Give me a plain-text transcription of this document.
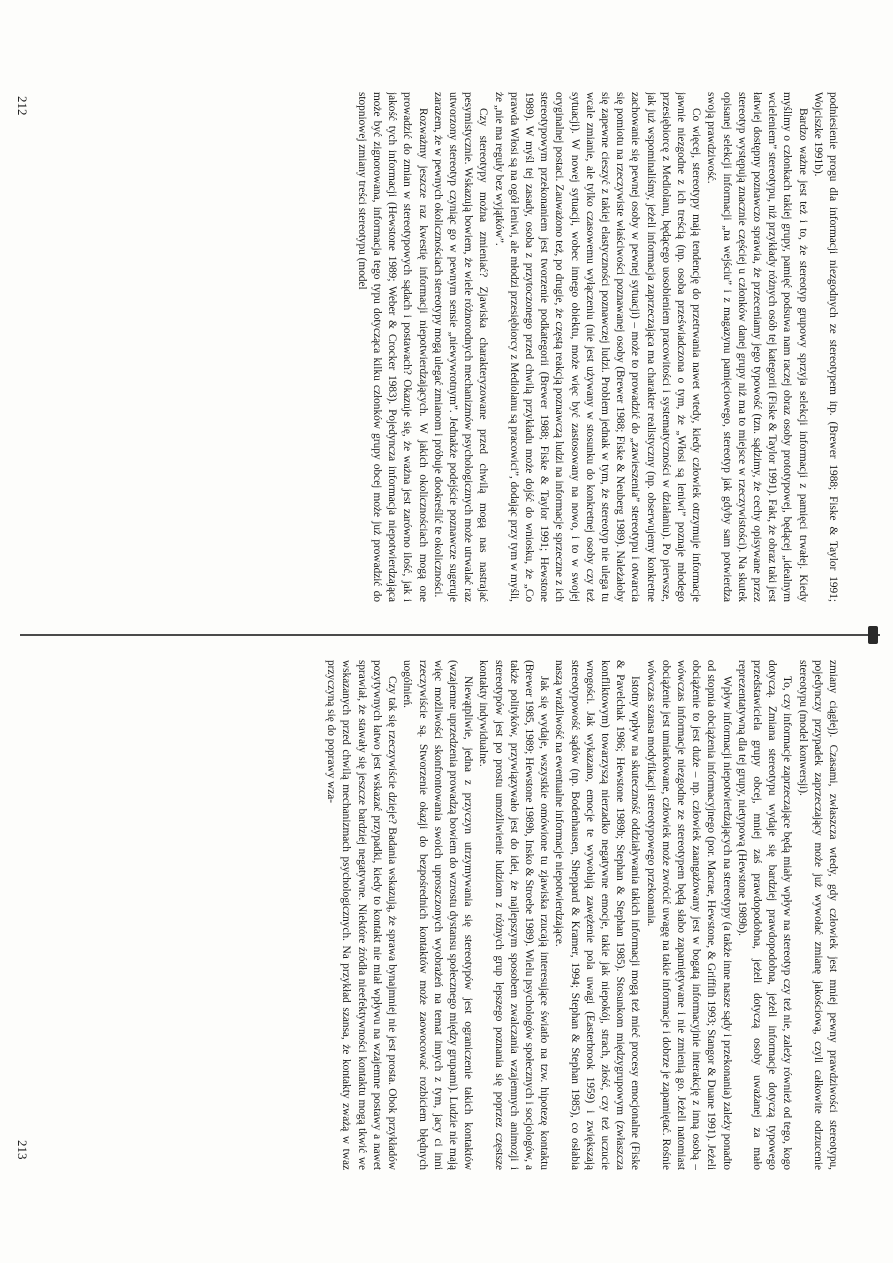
podniesienie progu dla informacji niezgodnych ze stereotypem itp. (Brewer 1988; Fiske & Taylor 1991; Wojciszke 1991b).

Bardzo ważne jest też i to, że stereotyp grupowy sprzyja selekcji informacji z pamięci trwałej. Kiedy myślimy o członkach takiej grupy, pamięć podsuwa nam raczej obraz osoby prototypowej, będącej „idealnym wcieleniem” stereotypu, niż przykłady różnych osób tej kategorii (Fiske & Taylor 1991). Fakt, że obraz taki jest łatwiej dostępny poznawczo sprawia, że przeceniamy jego typowość (tzn. sądzimy, że cechy opisywane przez stereotyp występują znacznie częściej u członków danej grupy niż ma to miejsce w rzeczywistości). Na skutek opisanej selekcji informacji „na wejściu” i z magazynu pamięciowego, stereotyp jak gdyby sam potwierdza swoją prawdziwość.

Co więcej, stereotypy mają tendencję do przetrwania nawet wtedy, kiedy człowiek otrzymuje informacje jawnie niezgodne z ich treścią (np. osoba przeświadczona o tym, że „Włosi są leniwi” poznaje młodego przesiębiorcę z Mediolanu, będącego uosobieniem pracowitości i systematyczności w działaniu). Po pierwsze, jak już wspominaliśmy, jeżeli informacja zaprzeczająca ma charakter realistyczny (np. obserwujemy konkretne zachowanie się pewnej osoby w pewnej sytuacji) – może to prowadzić do „zawieszenia” stereotypu i otwarcia się pomiotu na rzeczywiste właściwości poznawanej osoby (Brewer 1988; Fiske & Neuberg 1989). Należałoby się zapewne cieszyć z takiej elastyczności poznawczej ludzi. Problem jednak w tym, że stereotyp nie ulega tu wcale zmianie, ale tylko czasowemu wyłączeniu (nie jest używany w stosunku do konkretnej osoby czy też sytuacji). W nowej sytuacji, wobec innego obiektu, może więc być zastosowany na nowo, i to w swojej oryginalnej postaci. Zauważono też, po drugie, że częstą reakcją poznawczą ludzi na informacje sprzeczne z ich stereotypowym przekonaniem jest tworzenie podkategorii (Brewer 1988; Fiske & Taylor 1991; Hewstone 1989). W myśl tej zasady, osoba z przytoczonego przed chwilą przykładu może dojść do wniosku, że „Co prawda Włosi są na ogół leniwi, ale młodzi przesiębiorcy z Mediolanu są pracowici”, dodając przy tym w myśli, że „nie ma reguły bez wyjątków”.

Czy stereotypy można zmieniać? Zjawiska charakteryzowane przed chwilą mogą nas nastrajać pesymistycznie. Wskazują bowiem, że wiele różnorodnych mechanizmów psychologicznych może utrwalać raz utworzony stereotyp czyniąc go w pewnym sensie „niewywrotnym”. Jednakże podejście poznawcze sugeruje zarazem, że w pewnych okolicznościach stereotypy mogą ulegać zmianom i próbuje dookreślić te okoliczności.

Rozważmy jeszcze raz kwestię informacji niepotwierdzających. W jakich okolicznościach mogą one prowadzić do zmian w stereotypowych sądach i postawach? Okazuje się, że ważna jest zarówno ilość, jak i jakość tych informacji (Hewstone 1989; Weber & Crocker 1983). Pojedyncza informacja niepotwierdzająca może być zignorowana, informacja tego typu dotycząca kilku członków grupy obcej może już prowadzić do stopniowej zmiany treści stereotypu (model

zmiany ciągłej). Czasami, zwłaszcza wtedy, gdy człowiek jest mniej pewny prawdziwości stereotypu, pojedynczy przypadek zaprzeczający może już wywołać zmianę jakościową, czyli całkowite odrzucenie stereotypu (model konwersji).

To, czy informacje zaprzeczające będą miały wpływ na stereotyp czy też nie, zależy również od tego, kogo dotyczą. Zmiana stereotypu wydaje się bardziej prawdopodobna, jeżeli informacje dotyczą typowego przedstawiciela grupy obcej, mniej zaś prawdopodobna, jeżeli dotyczą osoby uważanej za mało reprezentatywną dla tej grupy, nietypową (Hewstone 1989b).

Wpływ informacji niepotwierdzających na stereotypy (a także inne nasze sądy i przekonania) zależy ponadto od stopnia obciążenia informacyjnego (por. Macrae, Hewstone, & Griffith 1993; Stangor & Duane 1991). Jeżeli obciążenie to jest duże – np. człowiek zaangażowany jest w bogatą informacyjnie interakcję z inną osobą – wówczas informacje niezgodne ze stereotypem będą słabo zapamiętywane i nie zmienią go. Jeżeli natomiast obciążenie jest umiarkowane, człowiek może zwrócić uwagę na takie informacje i dobrze je zapamiętać. Rośnie wówczas szansa modyfikacji stereotypowego przekonania.

Istotny wpływ na skuteczność oddziaływania takich informacji mogą też mieć procesy emocjonalne (Fiske & Pavelchak 1986; Hewstone 1989b; Stephan & Stephan 1985). Stosunkom międzygrupowym (zwłaszcza konfliktowym) towarzyszą nierzadko negatywne emocje, takie jak niepokój, strach, złość, czy też uczucie wrogości. Jak wykazano, emocje te wywołują zawężenie pola uwagi (Easterbrook 1959) i zwiększają stereotypowość sądów (np. Bodenhausen, Sheppard & Kramer, 1994; Stephan & Stephan 1985), co osłabia naszą wrażliwość na ewentualne informacje niepotwierdzające.

Jak się wydaje, wszystkie omówione tu zjawiska rzucają interesujące światło na tzw. hipotezę kontaktu (Brewer 1985, 1989; Hewstone 1989b, Insko & Stroebe 1989). Wielu psychologów społecznych i socjologów, a także polityków, przywiązywało jest do idei, że najlepszym sposobem zwalczania wzajemnych animozji i stereotypów jest po prostu umożliwienie ludziom z różnych grup lepszego poznania się poprzez częstsze kontakty indywidualne.

Niewątpliwie, jedna z przyczyn utrzymywania się stereotypów jest ograniczenie takich kontaktów (wzajemne uprzedzenia prowadzą bowiem do wzrostu dystansu społecznego między grupami). Ludzie nie mają więc możliwości skonfrontowania swoich uproszczonych wyobrażeń na temat innych z tym, jacy ci inni rzeczywiście są. Stworzenie okazji do bezpośrednich kontaktów może zaowocować rozbiciem błędnych uogólnień.

Czy tak się rzeczywiście dzieje? Badania wskazują, że sprawa bynajmniej nie jest prosta. Obok przykładów pozytywnych łatwo jest wskazać przypadki, kiedy to kontakt nie miał wpływu na wzajemne postawy a nawet sprawiał, że stawały się jeszcze bardziej negatywne. Niektóre źródła nieefektywności kontaktu mogą tkwić we wskazanych przed chwilą mechanizmach psychologicznych. Na przykład szansa, że kontakty zważą w twaz przyczyną się do poprawy wza-

212
213
